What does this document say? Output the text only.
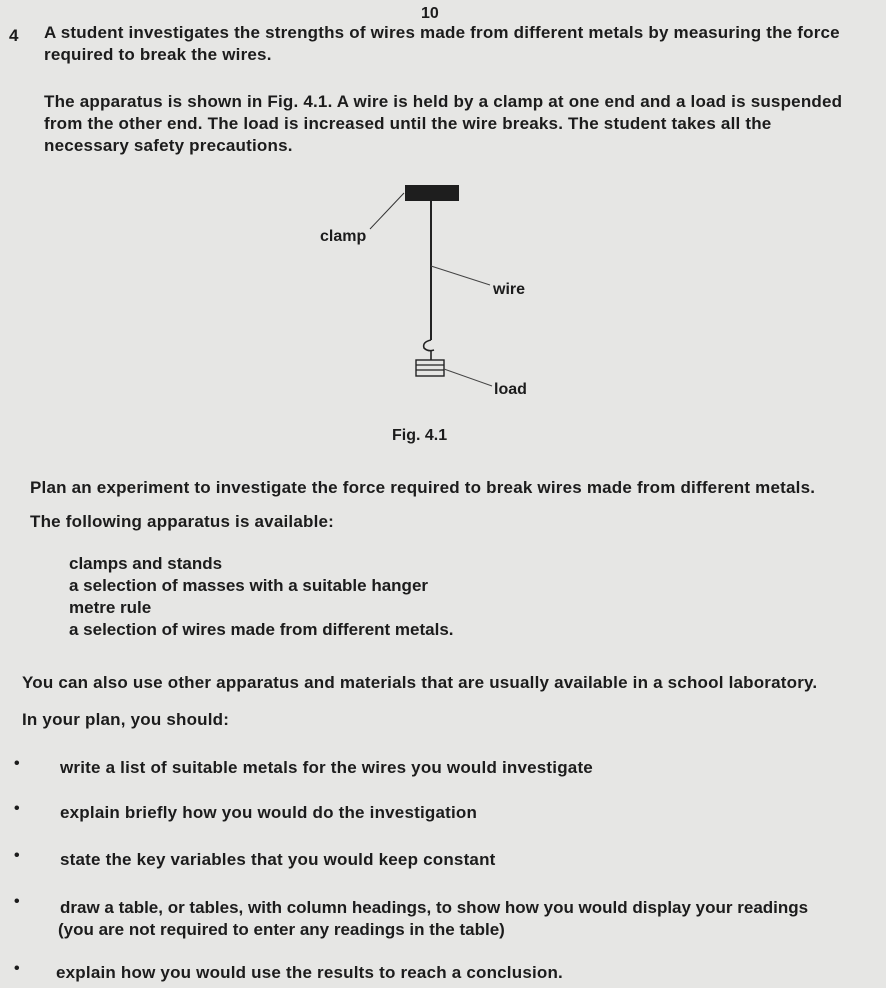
10
4 A student investigates the strengths of wires made from different metals by measuring the force required to break the wires.
The apparatus is shown in Fig. 4.1. A wire is held by a clamp at one end and a load is suspended from the other end. The load is increased until the wire breaks. The student takes all the necessary safety precautions.
clamp
wire
load
Fig. 4.1
Plan an experiment to investigate the force required to break wires made from different metals.
The following apparatus is available:
clamps and stands
a selection of masses with a suitable hanger
metre rule
a selection of wires made from different metals.
You can also use other apparatus and materials that are usually available in a school laboratory.
In your plan, you should:
• write a list of suitable metals for the wires you would investigate
• explain briefly how you would do the investigation
• state the key variables that you would keep constant
• draw a table, or tables, with column headings, to show how you would display your readings
(you are not required to enter any readings in the table)
• explain how you would use the results to reach a conclusion.
